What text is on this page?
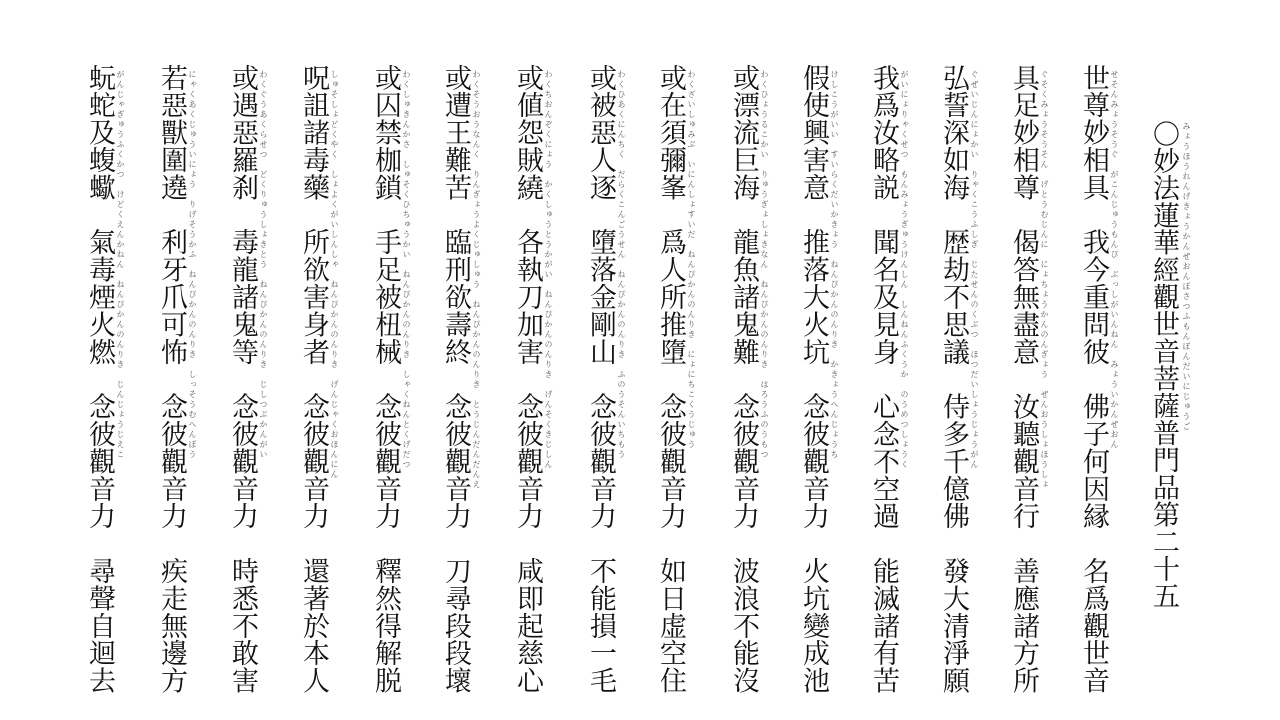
〇妙法蓮華經觀世音菩薩普門品第二十五 みょうほうれんげきょうかんぜおんぼさつふもんぼんだいにじゅうご
世尊妙相具　我今重問彼　佛子何因縁　名爲觀世音 せそんみょうそうぐ　がこんじゅうもんぴ　ぶっしがいんねん　みょういかんぜおん
具足妙相尊　偈答無盡意　汝聽觀音行　善應諸方所 ぐそくみょうそうそん　げとうむじんに　にょちょうかんのんぎょう　ぜんおうしょほうしょ
弘誓深如海　歴劫不思議　侍多千億佛　發大清淨願 ぐぜいじんにょかい　りゃくこうふしぎ　じたせんのくぶつ　ほつだいしょうじょうがん
我爲汝略説　聞名及見身　心念不空過　能滅諸有苦 がいにょりゃくせつ　もんみょうぎゅうけんしん　しんねんふくうか　のうめつしょうく
假使興害意　推落大火坑　念彼觀音力　火坑變成池 けしこうがいい　すいらくだいかきょう　ねんぴかんのんりき　かきょうへんじょうち
或漂流巨海　龍魚諸鬼難　念彼觀音力　波浪不能沒 わくひょうるこかい　りゅうぎょしょきなん　ねんぴかんのんりき　はろうふのうもつ
或在須彌峯　爲人所推墮　念彼觀音力　如日虚空住 わくざいしゅみぶ　いにんしょすいだ　ねんぴかんのんりき　にょにちこくうじゅう
或被惡人逐　墮落金剛山　念彼觀音力　不能損一毛 わくひあくにんちく　だらくこんごうせん　ねんぴかんのんりき　ふのうそんいちもう
或値怨賊繞　各執刀加害　念彼觀音力　咸即起慈心 わくちおんぞくにょう　かくしゅうとうかがい　ねんぴかんのんりき　げんそくきじしん
或遭王難苦　臨刑欲壽終　念彼觀音力　刀尋段段壞 わくそうおうなんく　りんぎょうよくじゅしゅう　ねんぴかんのんりき　とうじんだんだんえ
或囚禁枷鎖　手足被杻械　念彼觀音力　釋然得解脱 わくしゅきんかさ　しゅそくひちゅうかい　ねんぴかんのんりき　しゃくねんとくげだつ
呪詛諸毒藥　所欲害身者　念彼觀音力　還著於本人 しゅそしょどくやく　しょよくがいしんしゃ　ねんぴかんのんりき　げんじゃくおほんにん
或遇惡羅刹　毒龍諸鬼等　念彼觀音力　時悉不敢害 わくぐうあくらせつ　どくりゅうしょきとう　ねんぴかんのんりき　じしつぶかんがい
若惡獸圍遶　利牙爪可怖　念彼觀音力　疾走無邊方 にゃくあくじゅういにょう　りげそうかふ　ねんぴかんのんりき　しっそうむへんぼう
蚖蛇及蝮蠍　氣毒煙火燃　念彼觀音力　尋聲自迴去 がんじゃぎゅうふくかつ　けどくえんかねん　ねんぴかんのんりき　じんじょうじえこ
